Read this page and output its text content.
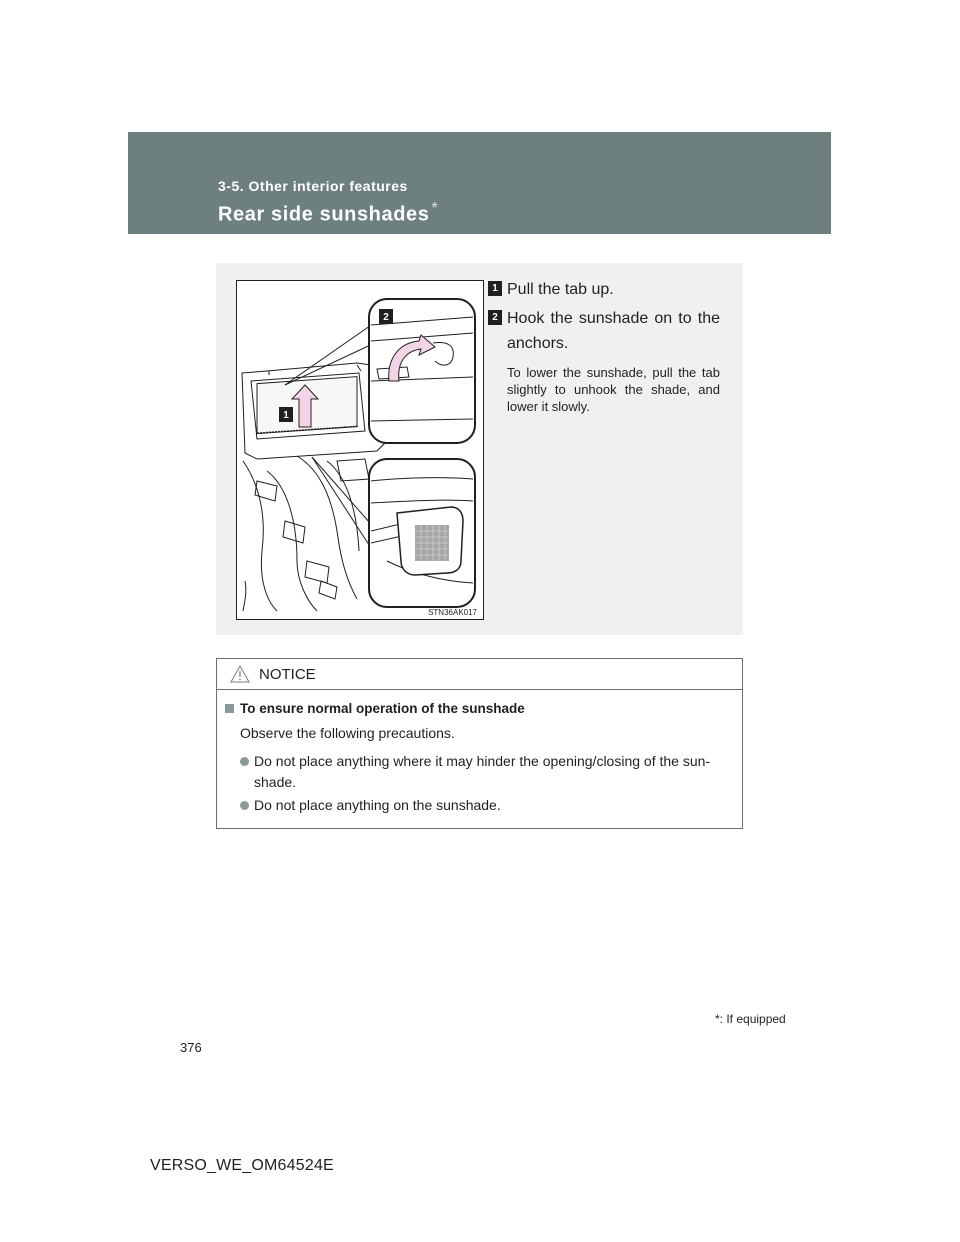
3-5. Other interior features
Rear side sunshades *
1
2
STN36AK017
1 Pull the tab up.
2 Hook the sunshade on to the anchors.
To lower the sunshade, pull the tab slightly to unhook the shade, and lower it slowly.
NOTICE
To ensure normal operation of the sunshade
Observe the following precautions.
Do not place anything where it may hinder the opening/closing of the sun-shade.
Do not place anything on the sunshade.
*: If equipped
376
VERSO_WE_OM64524E
